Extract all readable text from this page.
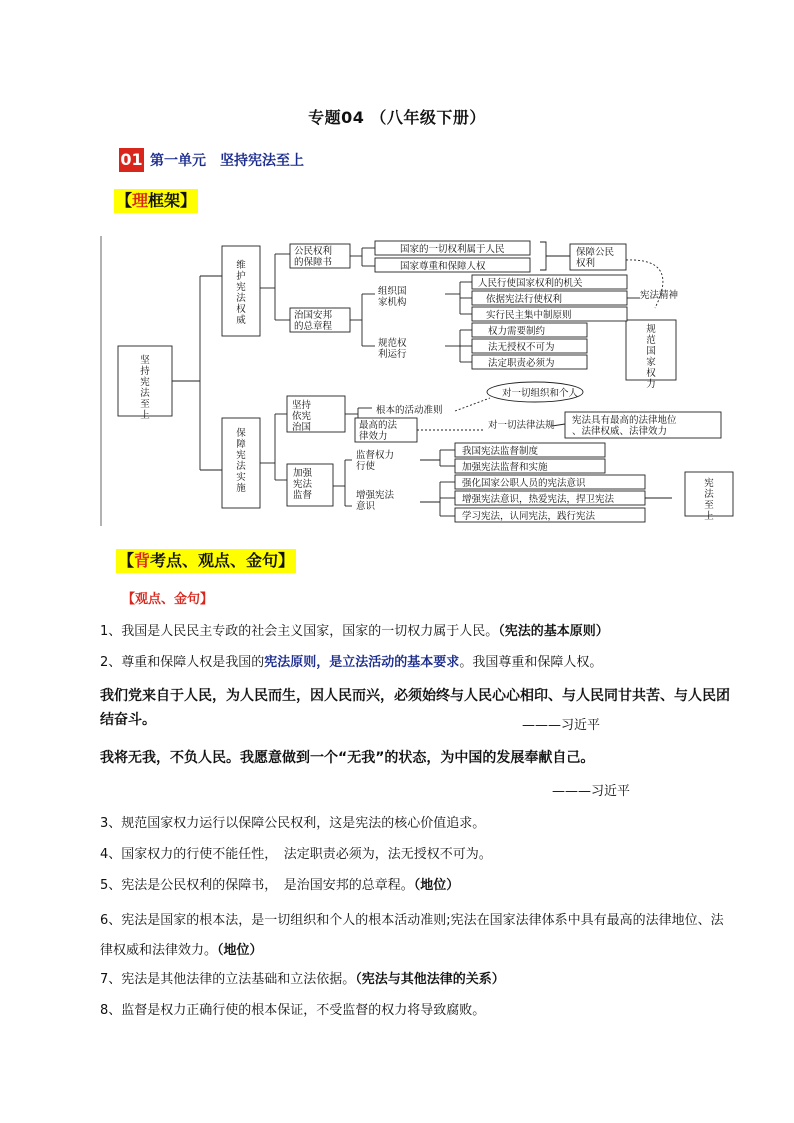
专题04 （八年级下册）
01 第一单元　坚持宪法至上
【理框架】
坚持宪法至上
维护宪法权威
公民权利的保障书
国家的一切权利属于人民
国家尊重和保障人权
保障公民权利
宪法精神
规范国家权力
治国安邦的总章程
组织国家机构
人民行使国家权利的机关
依据宪法行使权利
实行民主集中制原则
规范权利运行
权力需要制约
法无授权不可为
法定职责必须为
保障宪法实施
坚持依宪治国
根本的活动准则
对一切组织和个人
最高的法律效力
对一切法律法规 宪法具有最高的法律地位、法律权威、法律效力
加强宪法监督
监督权力行使
我国宪法监督制度
加强宪法监督和实施
增强宪法意识
强化国家公职人员的宪法意识
增强宪法意识，热爱宪法，捍卫宪法
学习宪法，认同宪法，践行宪法
宪法至上
【背考点、观点、金句】
【观点、金句】
1、我国是人民民主专政的社会主义国家，国家的一切权力属于人民。（宪法的基本原则）
2、尊重和保障人权是我国的宪法原则，是立法活动的基本要求。我国尊重和保障人权。
我们党来自于人民，为人民而生，因人民而兴，必须始终与人民心心相印、与人民同甘共苦、与人民团结奋斗。	———习近平
我将无我，不负人民。我愿意做到一个“无我”的状态，为中国的发展奉献自己。
———习近平
3、规范国家权力运行以保障公民权利，这是宪法的核心价值追求。
4、国家权力的行使不能任性，　法定职责必须为，法无授权不可为。
5、宪法是公民权利的保障书，　是治国安邦的总章程。（地位）
6、宪法是国家的根本法，是一切组织和个人的根本活动准则;宪法在国家法律体系中具有最高的法律地位、法律权威和法律效力。（地位）
7、宪法是其他法律的立法基础和立法依据。（宪法与其他法律的关系）
8、监督是权力正确行使的根本保证，不受监督的权力将导致腐败。
